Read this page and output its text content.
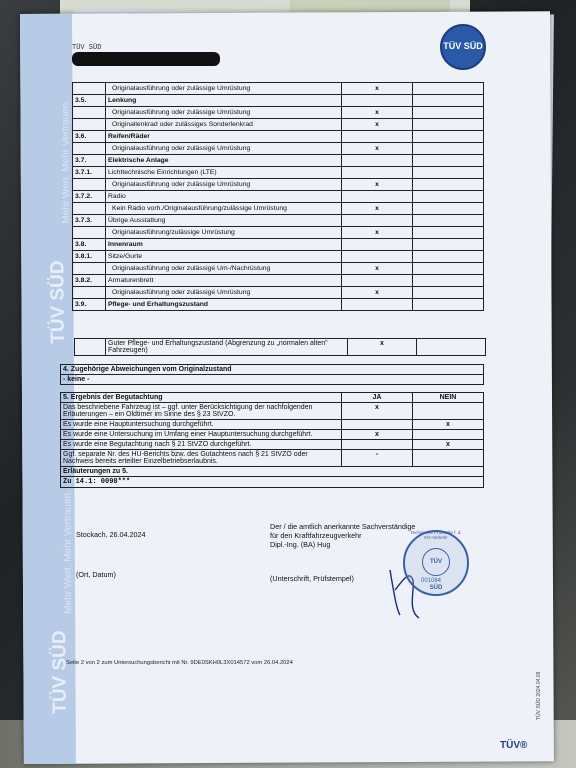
TÜV SÜD
TÜV SÜD
Mehr Wert. Mehr Vertrauen.
Mehr Wert. Mehr Vertrauen.
TÜV SÜD	TÜV SÜD
	Originalausführung oder zulässige Umrüstung	x	
3.5.	Lenkung		
	Originalausführung oder zulässige Umrüstung	x	
	Originallenkrad oder zulässiges Sonderlenkrad	x	
3.6.	Reifen/Räder		
	Originalausführung oder zulässige Umrüstung	x	
3.7.	Elektrische Anlage		
3.7.1.	Lichttechnische Einrichtungen (LTE)		
	Originalausführung oder zulässige Umrüstung	x	
3.7.2.	Radio		
	Kein Radio vorh./Originalausführung/zulässige Umrüstung	x	
3.7.3.	Übrige Ausstattung		
	Originalausführung/zulässige Umrüstung	x	
3.8.	Innenraum		
3.8.1.	Sitze/Gurte		
	Originalausführung oder zulässige Um-/Nachrüstung	x	
3.8.2.	Armaturenbrett		
	Originalausführung oder zulässige Umrüstung	x	
3.9.	Pflege- und Erhaltungszustand		
	Guter Pflege- und Erhaltungszustand (Abgrenzung zu „normalen alten" Fahrzeugen)	x	
4. Zugehörige Abweichungen vom Originalzustand
- keine -
5. Ergebnis der Begutachtung	JA	NEIN
Das beschriebene Fahrzeug ist – ggf. unter Berücksichtigung der nachfolgenden Erläuterungen – ein Oldtimer im Sinne des § 23 StVZO.	x	
Es wurde eine Hauptuntersuchung durchgeführt.		x
Es wurde eine Untersuchung im Umfang einer Hauptuntersuchung durchgeführt.	x	
Es wurde eine Begutachtung nach § 21 StVZO durchgeführt.		x
Ggf. separate Nr. des HU-Berichts bzw. des Gutachtens nach § 21 StVZO oder Nachweis bereits erteilter Einzelbetriebserlaubnis.	-	
Erläuterungen zu 5.		
Zu 14.1: 0098***		
Stockach, 26.04.2024
(Ort, Datum)
Der / die amtlich anerkannte Sachverständige
für den Kraftfahrzeugverkehr
Dipl.-Ing. (BA) Hug
(Unterschrift, Prüfstempel)
Technische Prüfstelle f. d. Kfz-Verkehr
TÜV SÜD
001084
Seite 2 von 2 zum Untersuchungsbericht mit Nr. 9DE0SKH0L3X014572 vom 26.04.2024
TÜV SÜD 2024.04.09
TÜV®
